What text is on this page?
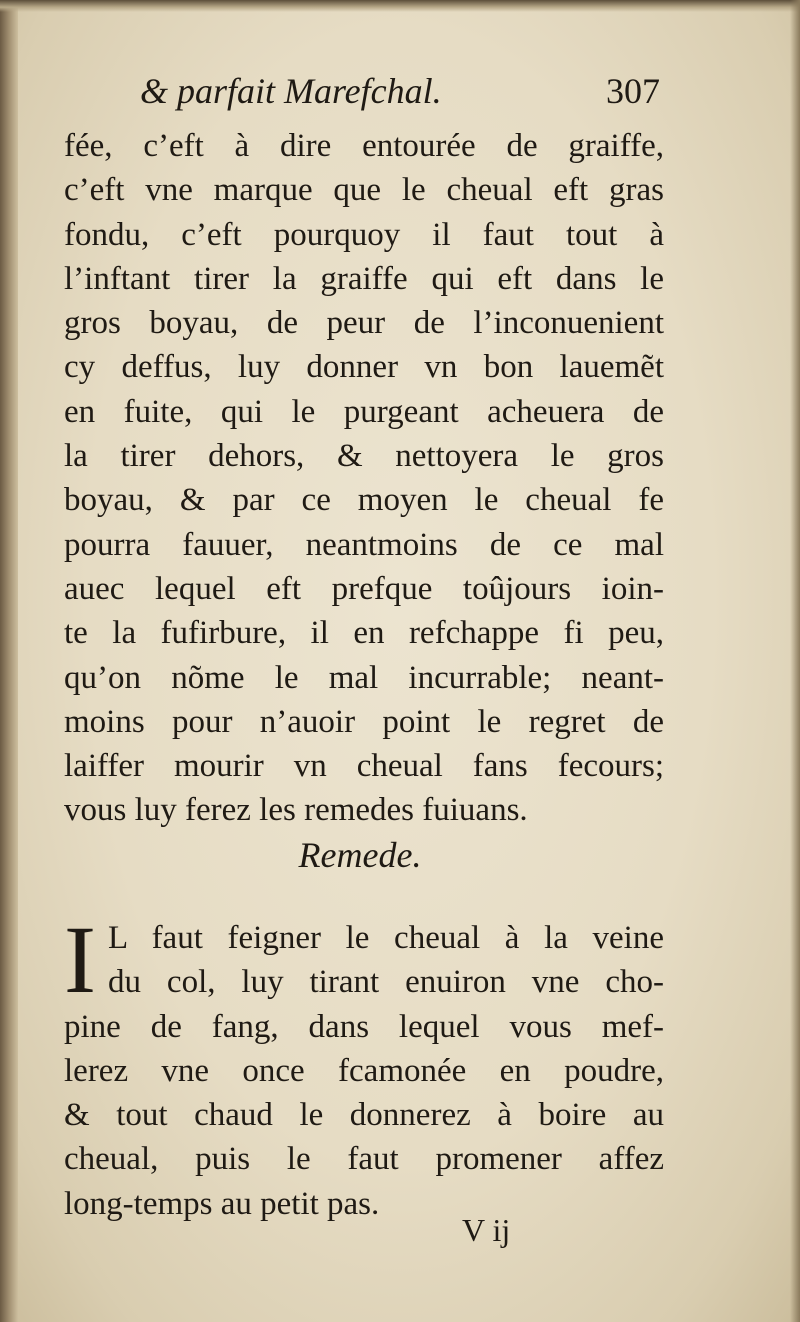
& parfait Marefchal.	307
fée, c’eft à dire entourée de graiffe,
c’eft vne marque que le cheual eft gras
fondu, c’eft pourquoy il faut tout à
l’inftant tirer la graiffe qui eft dans le
gros boyau, de peur de l’inconuenient
cy deffus, luy donner vn bon lauemẽt
en fuite, qui le purgeant acheuera de
la tirer dehors, & nettoyera le gros
boyau, & par ce moyen le cheual fe
pourra fauuer, neantmoins de ce mal
auec lequel eft prefque toûjours ioin-
te la fufirbure, il en refchappe fi peu,
qu’on nõme le mal incurrable; neant-
moins pour n’auoir point le regret de
laiffer mourir vn cheual fans fecours;
vous luy ferez les remedes fuiuans.
Remede.
I L faut feigner le cheual à la veine
du col, luy tirant enuiron vne cho-
pine de fang, dans lequel vous mef-
lerez vne once fcamonée en poudre,
& tout chaud le donnerez à boire au
cheual, puis le faut promener affez
long-temps au petit pas.
V ij
